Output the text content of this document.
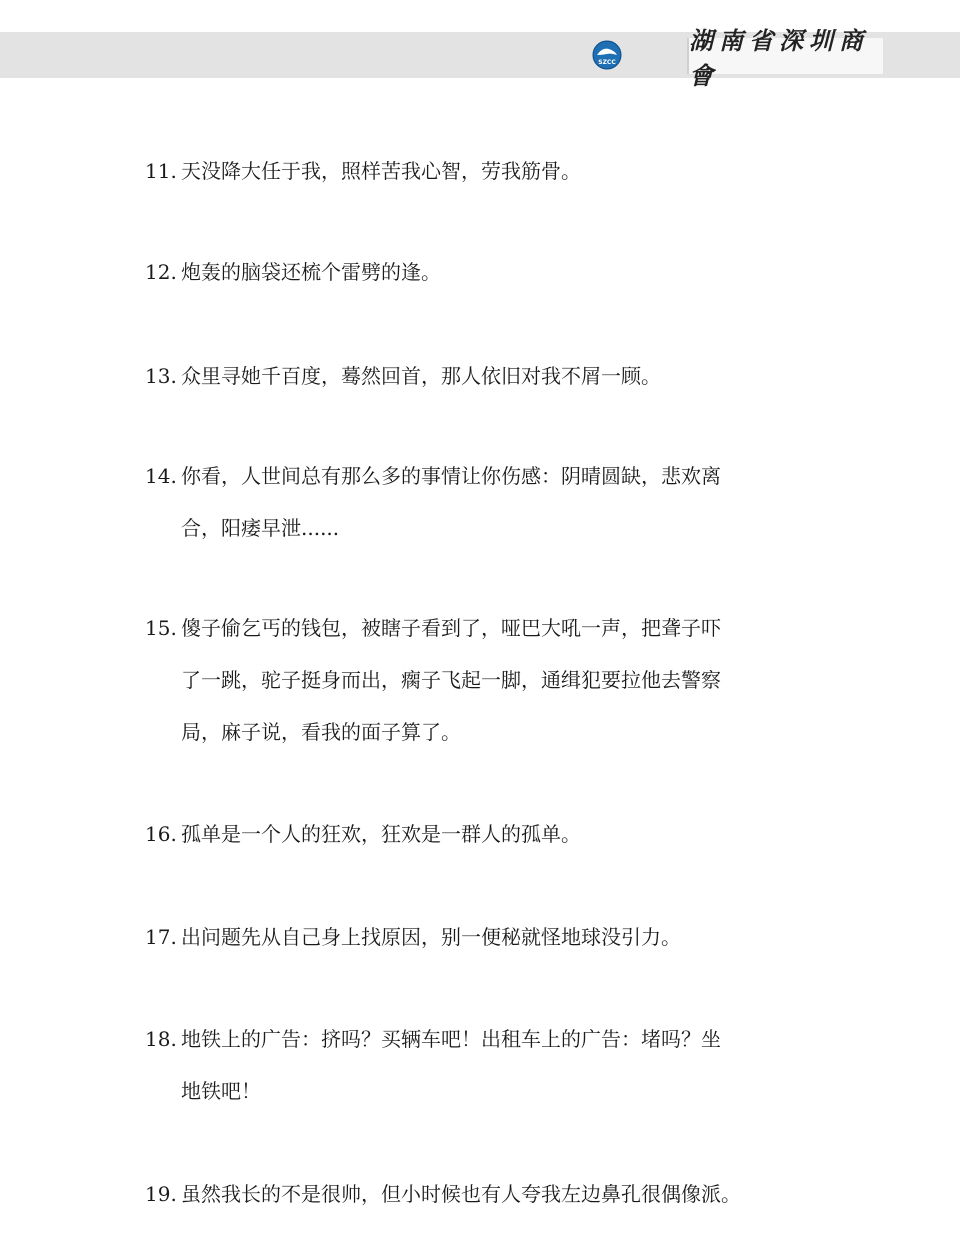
SZCC
湖南省深圳商會
11. 天没降大任于我，照样苦我心智，劳我筋骨。
12. 炮轰的脑袋还梳个雷劈的逢。
13. 众里寻她千百度，蓦然回首，那人依旧对我不屑一顾。
14. 你看，人世间总有那么多的事情让你伤感：阴晴圆缺，悲欢离
合，阳痿早泄......
15. 傻子偷乞丐的钱包，被瞎子看到了，哑巴大吼一声，把聋子吓
了一跳，驼子挺身而出，瘸子飞起一脚，通缉犯要拉他去警察
局，麻子说，看我的面子算了。
16. 孤单是一个人的狂欢，狂欢是一群人的孤单。
17. 出问题先从自己身上找原因，别一便秘就怪地球没引力。
18. 地铁上的广告：挤吗？买辆车吧！出租车上的广告：堵吗？坐
地铁吧！
19. 虽然我长的不是很帅，但小时候也有人夸我左边鼻孔很偶像派。
